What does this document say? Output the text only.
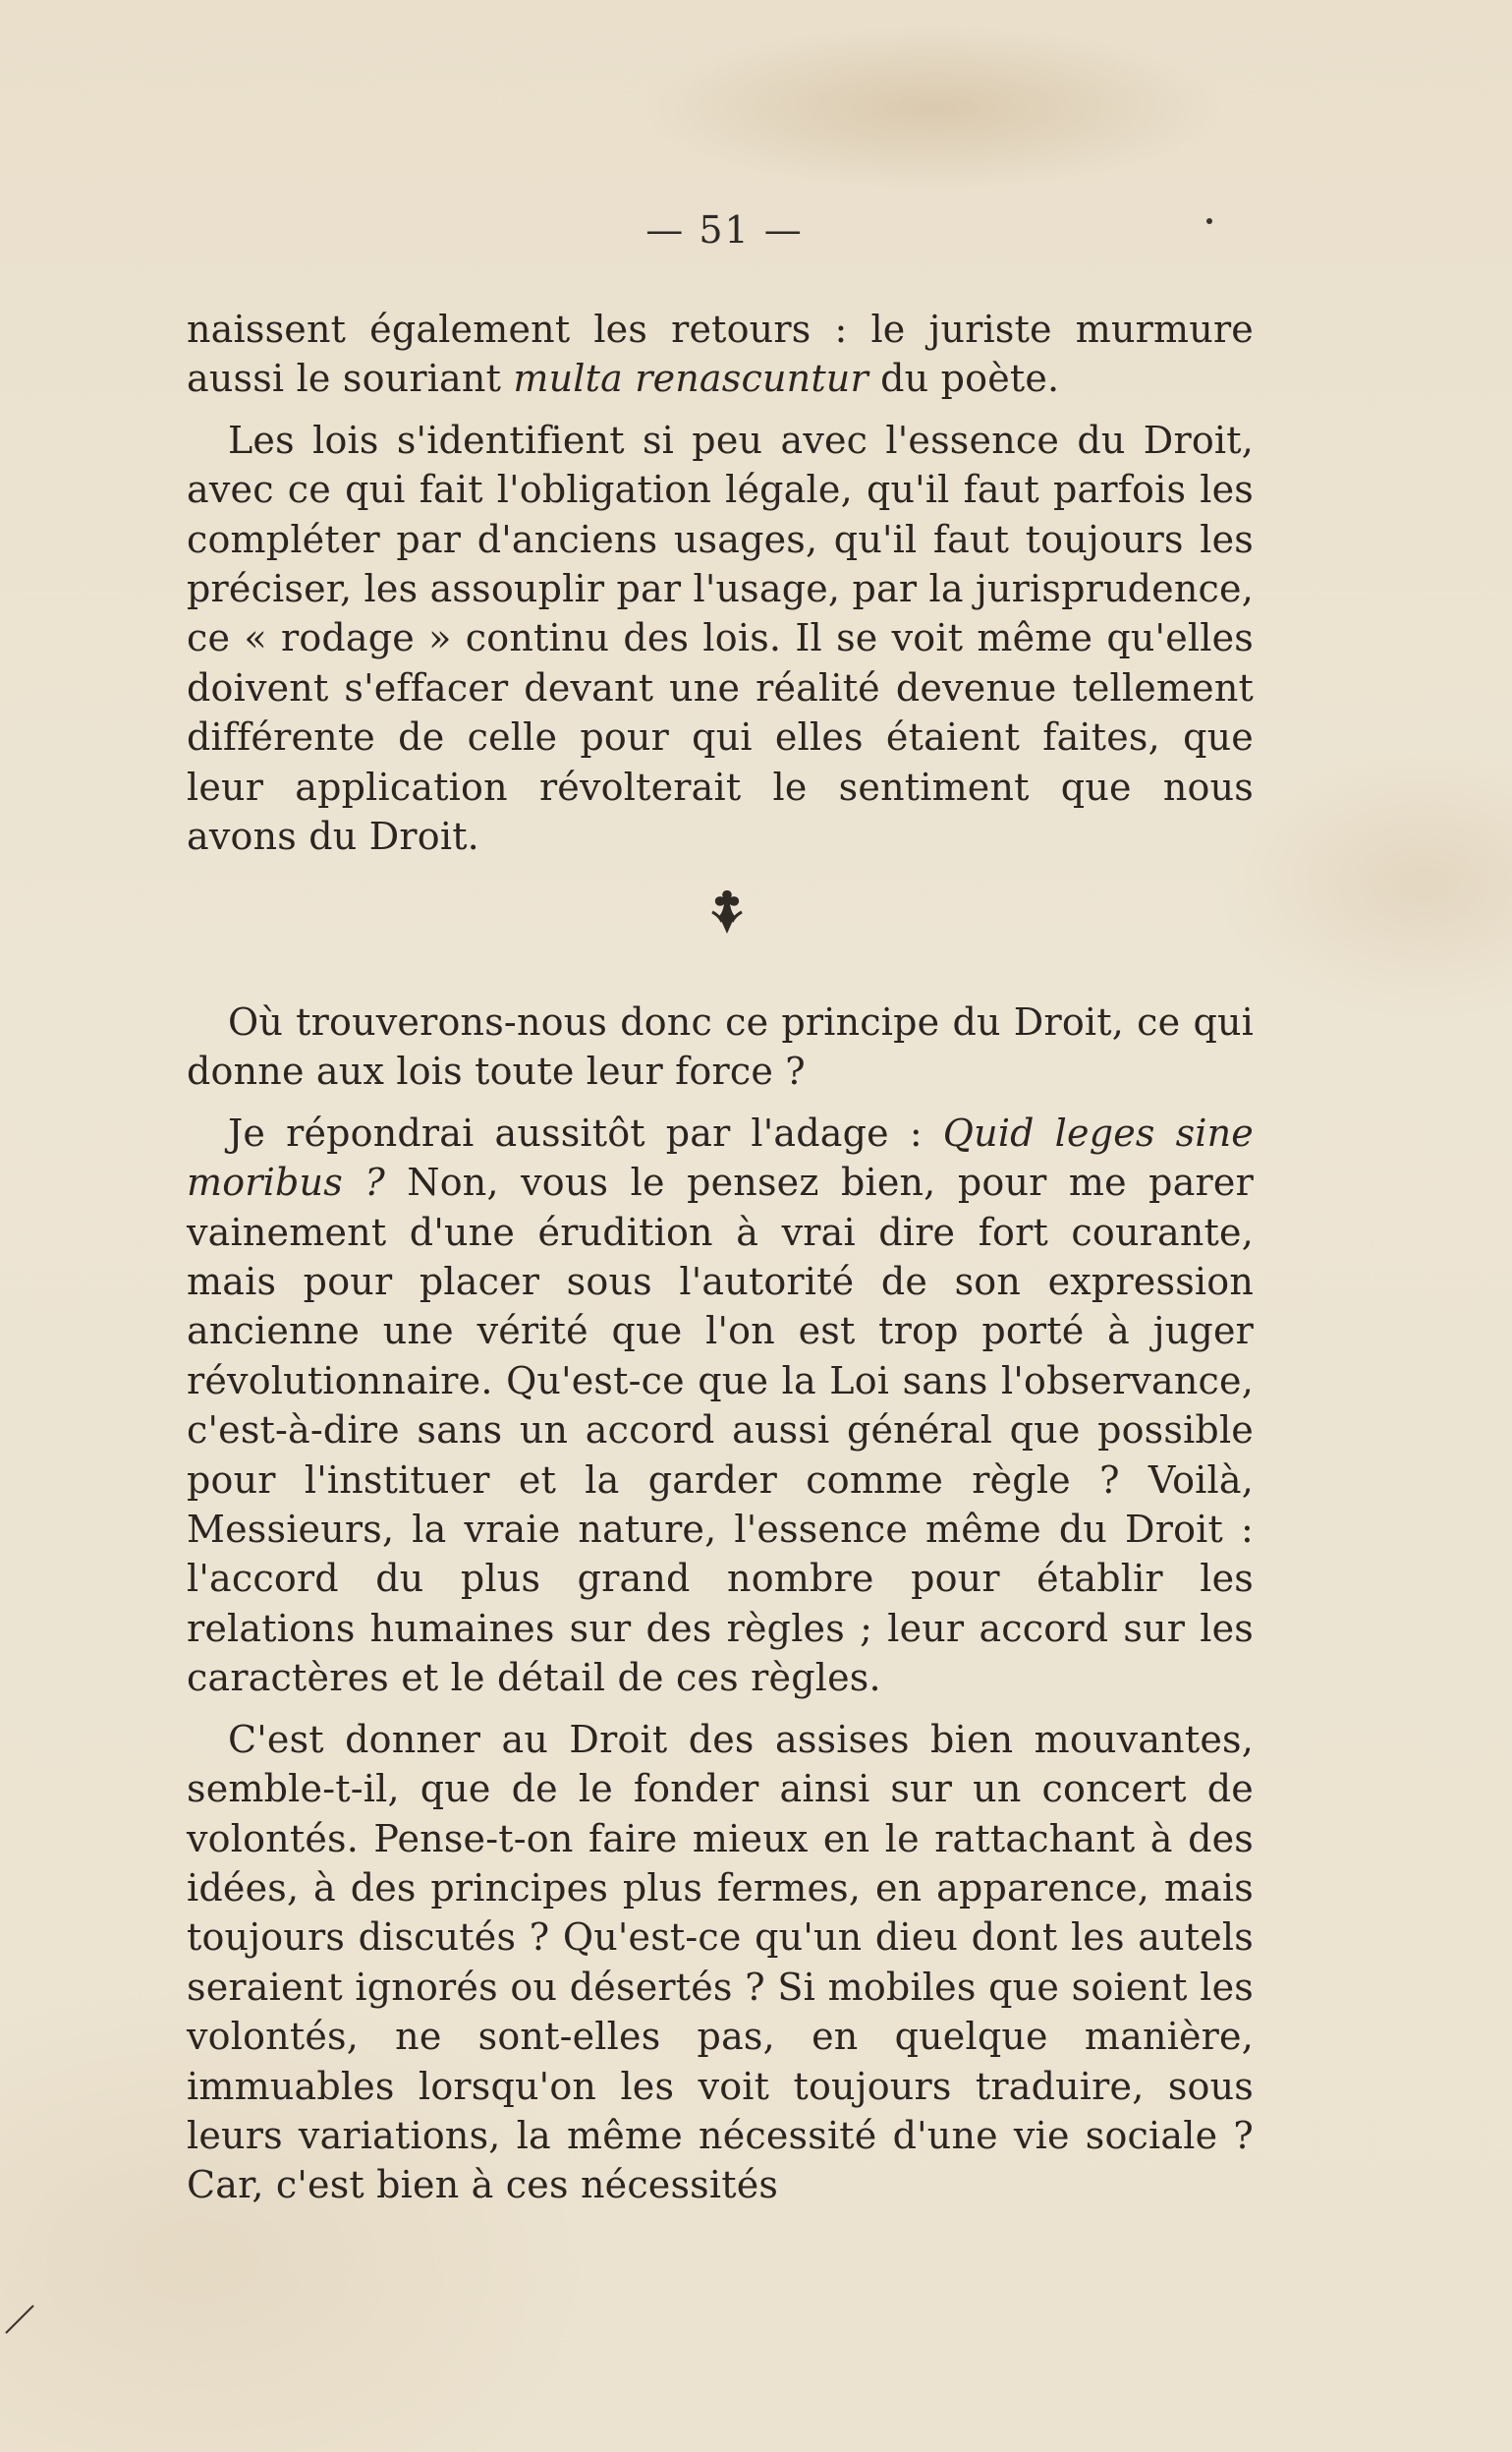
— 51 —

naissent également les retours : le juriste murmure aussi le souriant multa renascuntur du poète.

Les lois s'identifient si peu avec l'essence du Droit, avec ce qui fait l'obligation légale, qu'il faut parfois les compléter par d'anciens usages, qu'il faut toujours les préciser, les assouplir par l'usage, par la jurisprudence, ce « rodage » continu des lois. Il se voit même qu'elles doivent s'effacer devant une réalité devenue tellement différente de celle pour qui elles étaient faites, que leur application révolterait le sentiment que nous avons du Droit.

Où trouverons-nous donc ce principe du Droit, ce qui donne aux lois toute leur force ?

Je répondrai aussitôt par l'adage : Quid leges sine moribus ? Non, vous le pensez bien, pour me parer vainement d'une érudition à vrai dire fort courante, mais pour placer sous l'autorité de son expression ancienne une vérité que l'on est trop porté à juger révolutionnaire. Qu'est-ce que la Loi sans l'observance, c'est-à-dire sans un accord aussi général que possible pour l'instituer et la garder comme règle ? Voilà, Messieurs, la vraie nature, l'essence même du Droit : l'accord du plus grand nombre pour établir les relations humaines sur des règles ; leur accord sur les caractères et le détail de ces règles.

C'est donner au Droit des assises bien mouvantes, semble-t-il, que de le fonder ainsi sur un concert de volontés. Pense-t-on faire mieux en le rattachant à des idées, à des principes plus fermes, en apparence, mais toujours discutés ? Qu'est-ce qu'un dieu dont les autels seraient ignorés ou désertés ? Si mobiles que soient les volontés, ne sont-elles pas, en quelque manière, immuables lorsqu'on les voit toujours traduire, sous leurs variations, la même nécessité d'une vie sociale ? Car, c'est bien à ces nécessités
